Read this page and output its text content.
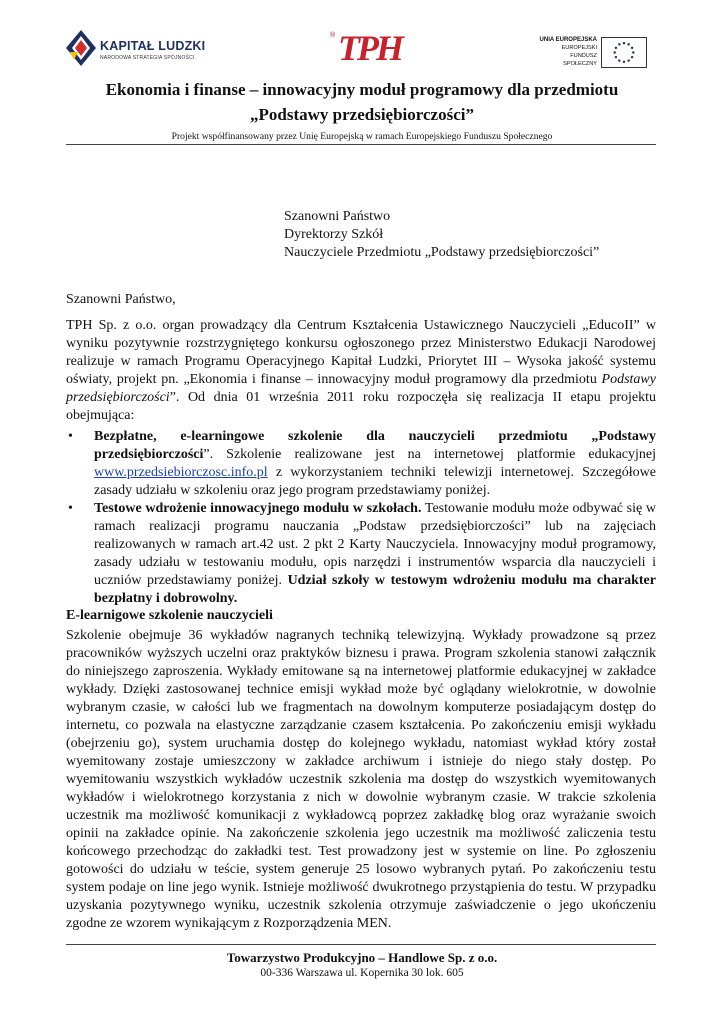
KAPITAŁ LUDZKI
NARODOWA STRATEGIA SPÓJNOŚCI
® TPH	UNIA EUROPEJSKA
EUROPEJSKI
FUNDUSZ SPOŁECZNY
Ekonomia i finanse – innowacyjny moduł programowy dla przedmiotu
„Podstawy przedsiębiorczości”
Projekt współfinansowany przez Unię Europejską w ramach Europejskiego Funduszu Społecznego
Szanowni Państwo
Dyrektorzy Szkół
Nauczyciele Przedmiotu „Podstawy przedsiębiorczości”
Szanowni Państwo,
TPH Sp. z o.o. organ prowadzący dla Centrum Kształcenia Ustawicznego Nauczycieli „EducoII” w wyniku pozytywnie rozstrzygniętego konkursu ogłoszonego przez Ministerstwo Edukacji Narodowej realizuje w ramach Programu Operacyjnego Kapitał Ludzki, Priorytet III – Wysoka jakość systemu oświaty, projekt pn. „Ekonomia i finanse – innowacyjny moduł programowy dla przedmiotu Podstawy przedsiębiorczości”. Od dnia 01 września 2011 roku rozpoczęła się realizacja II etapu projektu obejmująca:
• Bezpłatne, e-learningowe szkolenie dla nauczycieli przedmiotu „Podstawy przedsiębiorczości”. Szkolenie realizowane jest na internetowej platformie edukacyjnej www.przedsiebiorczosc.info.pl z wykorzystaniem techniki telewizji internetowej. Szczegółowe zasady udziału w szkoleniu oraz jego program przedstawiamy poniżej.
• Testowe wdrożenie innowacyjnego modułu w szkołach. Testowanie modułu może odbywać się w ramach realizacji programu nauczania „Podstaw przedsiębiorczości” lub na zajęciach realizowanych w ramach art.42 ust. 2 pkt 2 Karty Nauczyciela. Innowacyjny moduł programowy, zasady udziału w testowaniu modułu, opis narzędzi i instrumentów wsparcia dla nauczycieli i uczniów przedstawiamy poniżej. Udział szkoły w testowym wdrożeniu modułu ma charakter bezpłatny i dobrowolny.
E-learnigowe szkolenie nauczycieli
Szkolenie obejmuje 36 wykładów nagranych techniką telewizyjną. Wykłady prowadzone są przez pracowników wyższych uczelni oraz praktyków biznesu i prawa. Program szkolenia stanowi załącznik do niniejszego zaproszenia. Wykłady emitowane są na internetowej platformie edukacyjnej w zakładce wykłady. Dzięki zastosowanej technice emisji wykład może być oglądany wielokrotnie, w dowolnie wybranym czasie, w całości lub we fragmentach na dowolnym komputerze posiadającym dostęp do internetu, co pozwala na elastyczne zarządzanie czasem kształcenia. Po zakończeniu emisji wykładu (obejrzeniu go), system uruchamia dostęp do kolejnego wykładu, natomiast wykład który został wyemitowany zostaje umieszczony w zakładce archiwum i istnieje do niego stały dostęp. Po wyemitowaniu wszystkich wykładów uczestnik szkolenia ma dostęp do wszystkich wyemitowanych wykładów i wielokrotnego korzystania z nich w dowolnie wybranym czasie. W trakcie szkolenia uczestnik ma możliwość komunikacji z wykładowcą poprzez zakładkę blog oraz wyrażanie swoich opinii na zakładce opinie. Na zakończenie szkolenia jego uczestnik ma możliwość zaliczenia testu końcowego przechodząc do zakładki test. Test prowadzony jest w systemie on line. Po zgłoszeniu gotowości do udziału w teście, system generuje 25 losowo wybranych pytań. Po zakończeniu testu system podaje on line jego wynik. Istnieje możliwość dwukrotnego przystąpienia do testu. W przypadku uzyskania pozytywnego wyniku, uczestnik szkolenia otrzymuje zaświadczenie o jego ukończeniu zgodne ze wzorem wynikającym z Rozporządzenia MEN.
Towarzystwo Produkcyjno – Handlowe Sp. z o.o.
00-336 Warszawa ul. Kopernika 30 lok. 605
